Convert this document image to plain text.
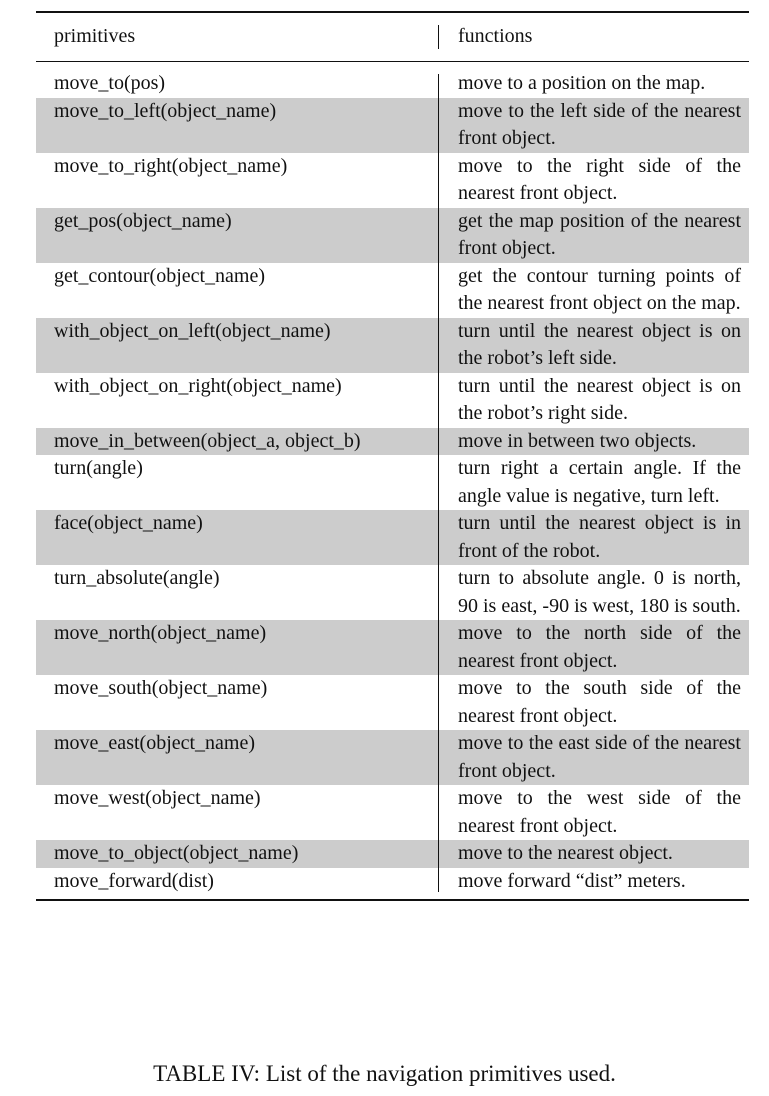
primitives	functions
move_to(pos)	move to a position on the map.
move_to_left(object_name)	move to the left side of the nearest front object.
move_to_right(object_name)	move to the right side of the nearest front object.
get_pos(object_name)	get the map position of the nearest front object.
get_contour(object_name)	get the contour turning points of the nearest front object on the map.
with_object_on_left(object_name)	turn until the nearest object is on the robot’s left side.
with_object_on_right(object_name)	turn until the nearest object is on the robot’s right side.
move_in_between(object_a, object_b)	move in between two objects.
turn(angle)	turn right a certain angle. If the angle value is negative, turn left.
face(object_name)	turn until the nearest object is in front of the robot.
turn_absolute(angle)	turn to absolute angle. 0 is north, 90 is east, -90 is west, 180 is south.
move_north(object_name)	move to the north side of the nearest front object.
move_south(object_name)	move to the south side of the nearest front object.
move_east(object_name)	move to the east side of the nearest front object.
move_west(object_name)	move to the west side of the nearest front object.
move_to_object(object_name)	move to the nearest object.
move_forward(dist)	move forward “dist” meters.
TABLE IV: List of the navigation primitives used.
